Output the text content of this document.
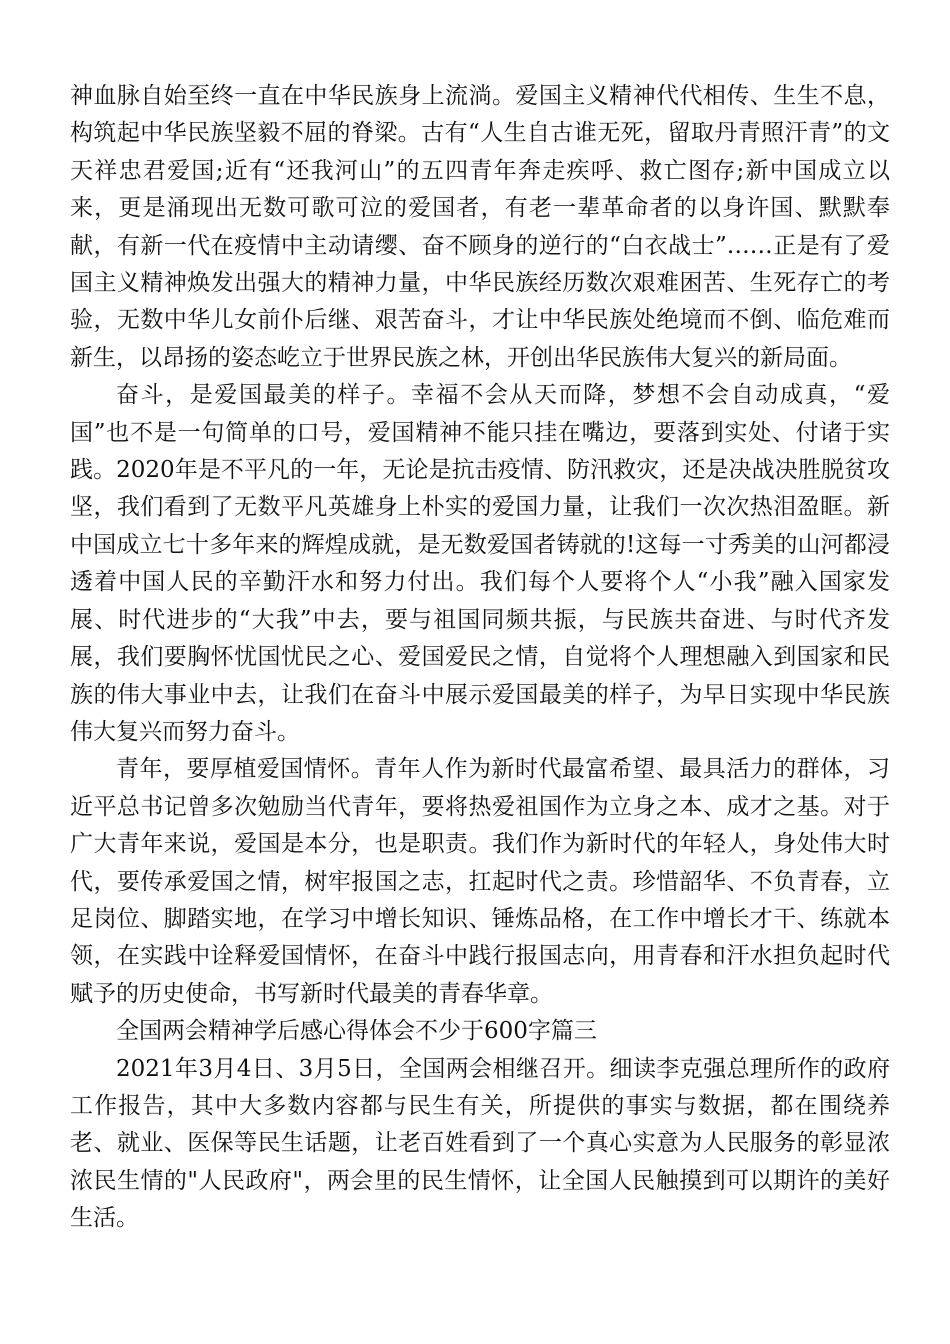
神血脉自始至终一直在中华民族身上流淌。爱国主义精神代代相传、生生不息，构筑起中华民族坚毅不屈的脊梁。古有“人生自古谁无死，留取丹青照汗青”的文天祥忠君爱国;近有“还我河山”的五四青年奔走疾呼、救亡图存;新中国成立以来，更是涌现出无数可歌可泣的爱国者，有老一辈革命者的以身许国、默默奉献，有新一代在疫情中主动请缨、奋不顾身的逆行的“白衣战士”……正是有了爱国主义精神焕发出强大的精神力量，中华民族经历数次艰难困苦、生死存亡的考验，无数中华儿女前仆后继、艰苦奋斗，才让中华民族处绝境而不倒、临危难而新生，以昂扬的姿态屹立于世界民族之林，开创出华民族伟大复兴的新局面。

奋斗，是爱国最美的样子。幸福不会从天而降，梦想不会自动成真，“爱国”也不是一句简单的口号，爱国精神不能只挂在嘴边，要落到实处、付诸于实践。2020年是不平凡的一年，无论是抗击疫情、防汛救灾，还是决战决胜脱贫攻坚，我们看到了无数平凡英雄身上朴实的爱国力量，让我们一次次热泪盈眶。新中国成立七十多年来的辉煌成就，是无数爱国者铸就的!这每一寸秀美的山河都浸透着中国人民的辛勤汗水和努力付出。我们每个人要将个人“小我”融入国家发展、时代进步的“大我”中去，要与祖国同频共振，与民族共奋进、与时代齐发展，我们要胸怀忧国忧民之心、爱国爱民之情，自觉将个人理想融入到国家和民族的伟大事业中去，让我们在奋斗中展示爱国最美的样子，为早日实现中华民族伟大复兴而努力奋斗。

青年，要厚植爱国情怀。青年人作为新时代最富希望、最具活力的群体，习近平总书记曾多次勉励当代青年，要将热爱祖国作为立身之本、成才之基。对于广大青年来说，爱国是本分，也是职责。我们作为新时代的年轻人，身处伟大时代，要传承爱国之情，树牢报国之志，扛起时代之责。珍惜韶华、不负青春，立足岗位、脚踏实地，在学习中增长知识、锤炼品格，在工作中增长才干、练就本领，在实践中诠释爱国情怀，在奋斗中践行报国志向，用青春和汗水担负起时代赋予的历史使命，书写新时代最美的青春华章。

全国两会精神学后感心得体会不少于600字篇三

2021年3月4日、3月5日，全国两会相继召开。细读李克强总理所作的政府工作报告，其中大多数内容都与民生有关，所提供的事实与数据，都在围绕养老、就业、医保等民生话题，让老百姓看到了一个真心实意为人民服务的彰显浓浓民生情的"人民政府"，两会里的民生情怀，让全国人民触摸到可以期许的美好生活。
